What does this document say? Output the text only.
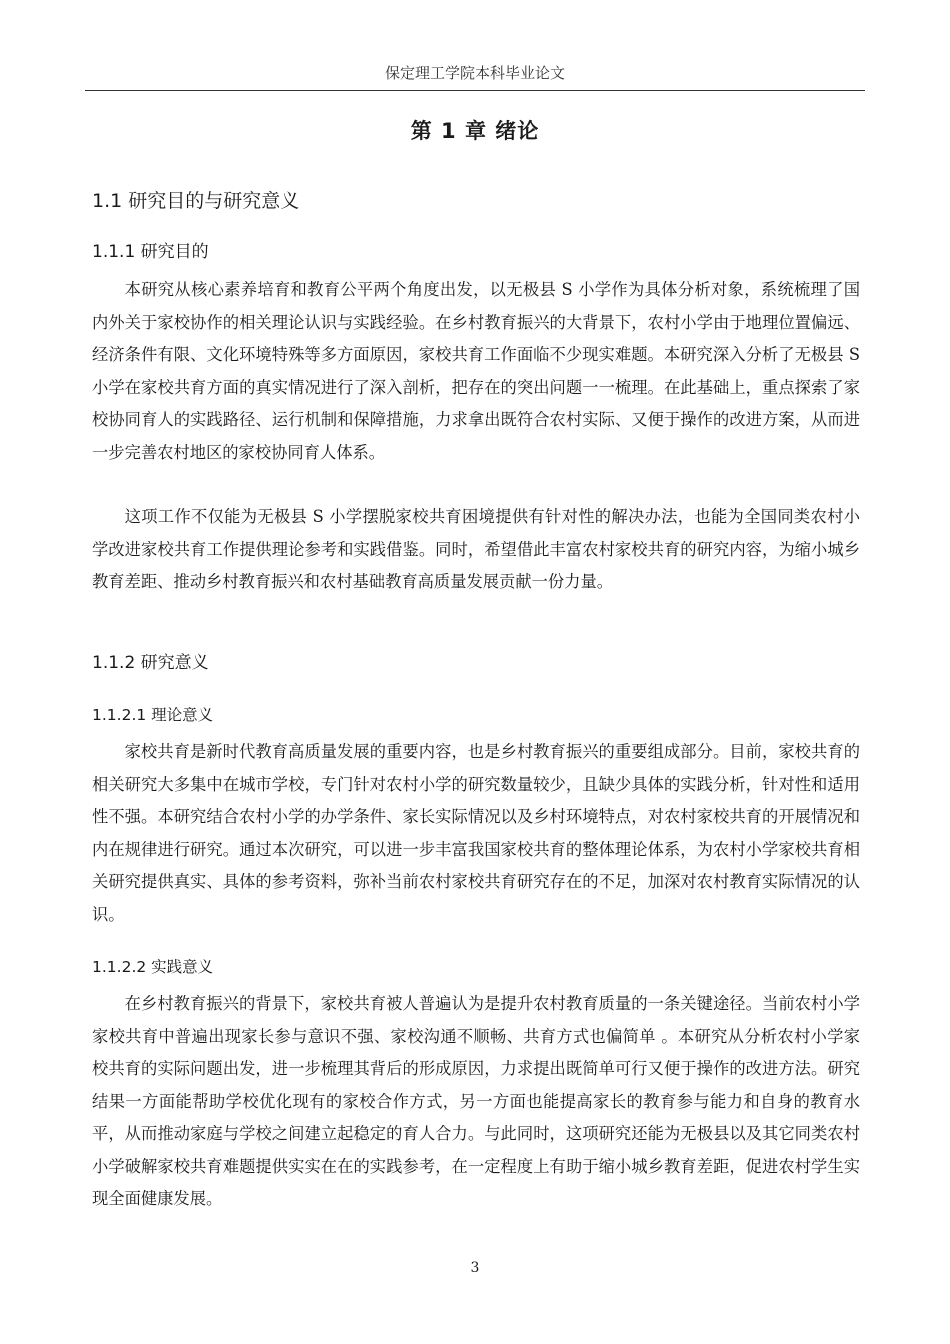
保定理工学院本科毕业论文
第 1 章 绪论
1.1 研究目的与研究意义
1.1.1 研究目的

本研究从核心素养培育和教育公平两个角度出发，以无极县 S 小学作为具体分析对象，系统梳理了国内外关于家校协作的相关理论认识与实践经验。在乡村教育振兴的大背景下，农村小学由于地理位置偏远、经济条件有限、文化环境特殊等多方面原因，家校共育工作面临不少现实难题。本研究深入分析了无极县 S 小学在家校共育方面的真实情况进行了深入剖析，把存在的突出问题一一梳理。在此基础上，重点探索了家校协同育人的实践路径、运行机制和保障措施，力求拿出既符合农村实际、又便于操作的改进方案，从而进一步完善农村地区的家校协同育人体系。

这项工作不仅能为无极县 S 小学摆脱家校共育困境提供有针对性的解决办法，也能为全国同类农村小学改进家校共育工作提供理论参考和实践借鉴。同时，希望借此丰富农村家校共育的研究内容，为缩小城乡教育差距、推动乡村教育振兴和农村基础教育高质量发展贡献一份力量。

1.1.2 研究意义
1.1.2.1 理论意义

家校共育是新时代教育高质量发展的重要内容，也是乡村教育振兴的重要组成部分。目前，家校共育的相关研究大多集中在城市学校，专门针对农村小学的研究数量较少，且缺少具体的实践分析，针对性和适用性不强。本研究结合农村小学的办学条件、家长实际情况以及乡村环境特点，对农村家校共育的开展情况和内在规律进行研究。通过本次研究，可以进一步丰富我国家校共育的整体理论体系，为农村小学家校共育相关研究提供真实、具体的参考资料，弥补当前农村家校共育研究存在的不足，加深对农村教育实际情况的认识。

1.1.2.2 实践意义

在乡村教育振兴的背景下，家校共育被人普遍认为是提升农村教育质量的一条关键途径。当前农村小学家校共育中普遍出现家长参与意识不强、家校沟通不顺畅、共育方式也偏简单 。本研究从分析农村小学家校共育的实际问题出发，进一步梳理其背后的形成原因，力求提出既简单可行又便于操作的改进方法。研究结果一方面能帮助学校优化现有的家校合作方式，另一方面也能提高家长的教育参与能力和自身的教育水平，从而推动家庭与学校之间建立起稳定的育人合力。与此同时，这项研究还能为无极县以及其它同类农村小学破解家校共育难题提供实实在在的实践参考，在一定程度上有助于缩小城乡教育差距，促进农村学生实现全面健康发展。

3
